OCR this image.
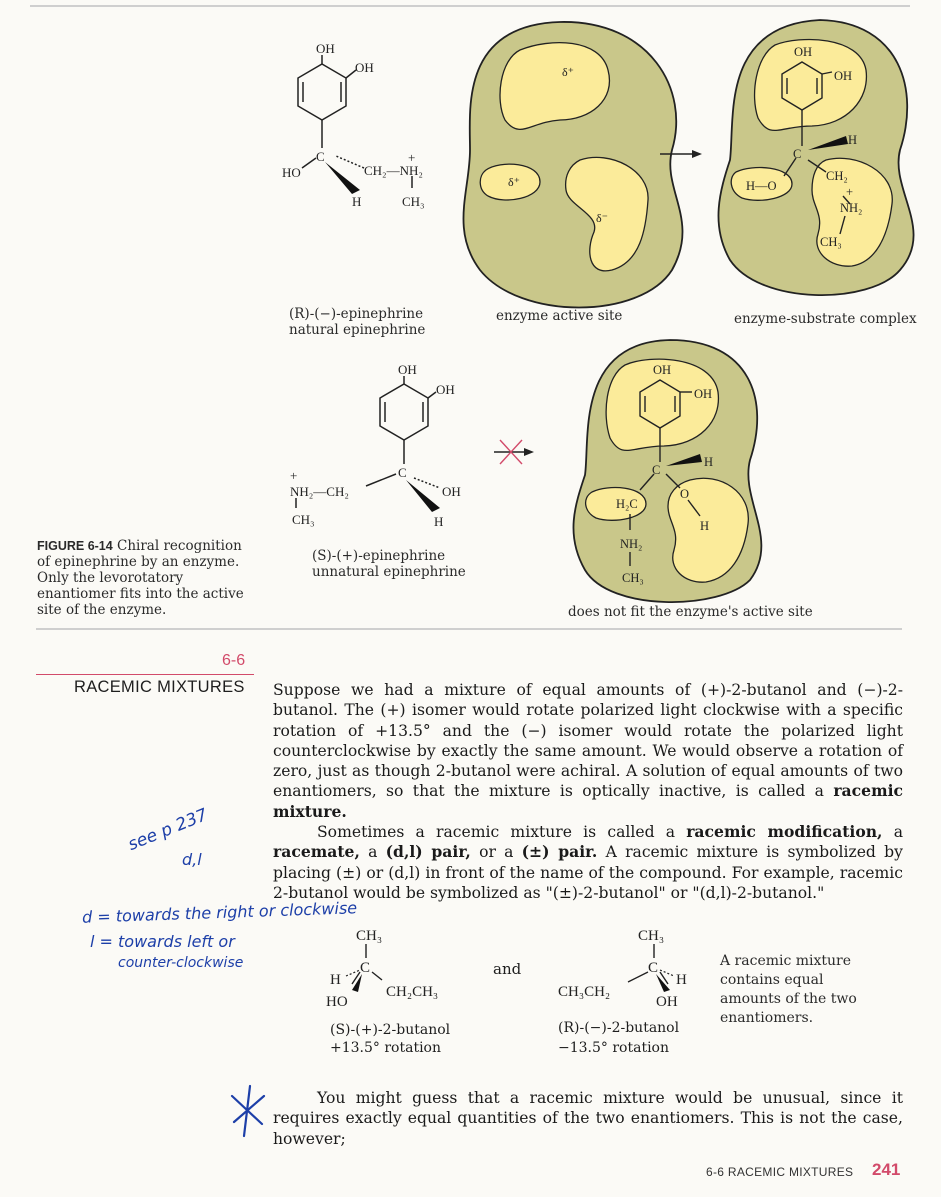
OH
OH
C
HO
+
CH₂—NH₂
H	CH₃
δ⁺
δ⁺
δ⁻
OH
OH
H
C
H—O
CH₂
+
NH₂
CH₃
OH
OH
C
+
NH₂—CH₂	OH
CH₃	H
OH
OH
H
C
O
H₂C
H
NH₂
CH₃
(R)-(−)-epinephrine
natural epinephrine
enzyme active site	enzyme-substrate complex
(S)-(+)-epinephrine
unnatural epinephrine
does not fit the enzyme's active site
FIGURE 6-14 Chiral recognition of epinephrine by an enzyme. Only the levorotatory enantiomer fits into the active site of the enzyme.
6-6
RACEMIC MIXTURES Suppose we had a mixture of equal amounts of (+)-2-butanol and (−)-2-butanol. The (+) isomer would rotate polarized light clockwise with a specific rotation of +13.5° and the (−) isomer would rotate the polarized light counterclockwise by exactly the same amount. We would observe a rotation of zero, just as though 2-butanol were achiral. A solution of equal amounts of two enantiomers, so that the mixture is optically inactive, is called a racemic mixture.

Sometimes a racemic mixture is called a racemic modification, a racemate, a (d,l) pair, or a (±) pair. A racemic mixture is symbolized by placing (±) or (d,l) in front of the name of the compound. For example, racemic 2-butanol would be symbolized as "(±)-2-butanol" or "(d,l)-2-butanol."

CH₃
C
H
HO
CH₂CH₃
CH₃
C
H
OH
CH₃CH₂
and
(S)-(+)-2-butanol
+13.5° rotation
(R)-(−)-2-butanol
−13.5° rotation
A racemic mixture contains equal amounts of the two enantiomers.

You might guess that a racemic mixture would be unusual, since it requires exactly equal quantities of the two enantiomers. This is not the case, however;

see p 237
d,l
d = towards the right or clockwise
l = towards left or
counter-clockwise
6-6 RACEMIC MIXTURES 241
